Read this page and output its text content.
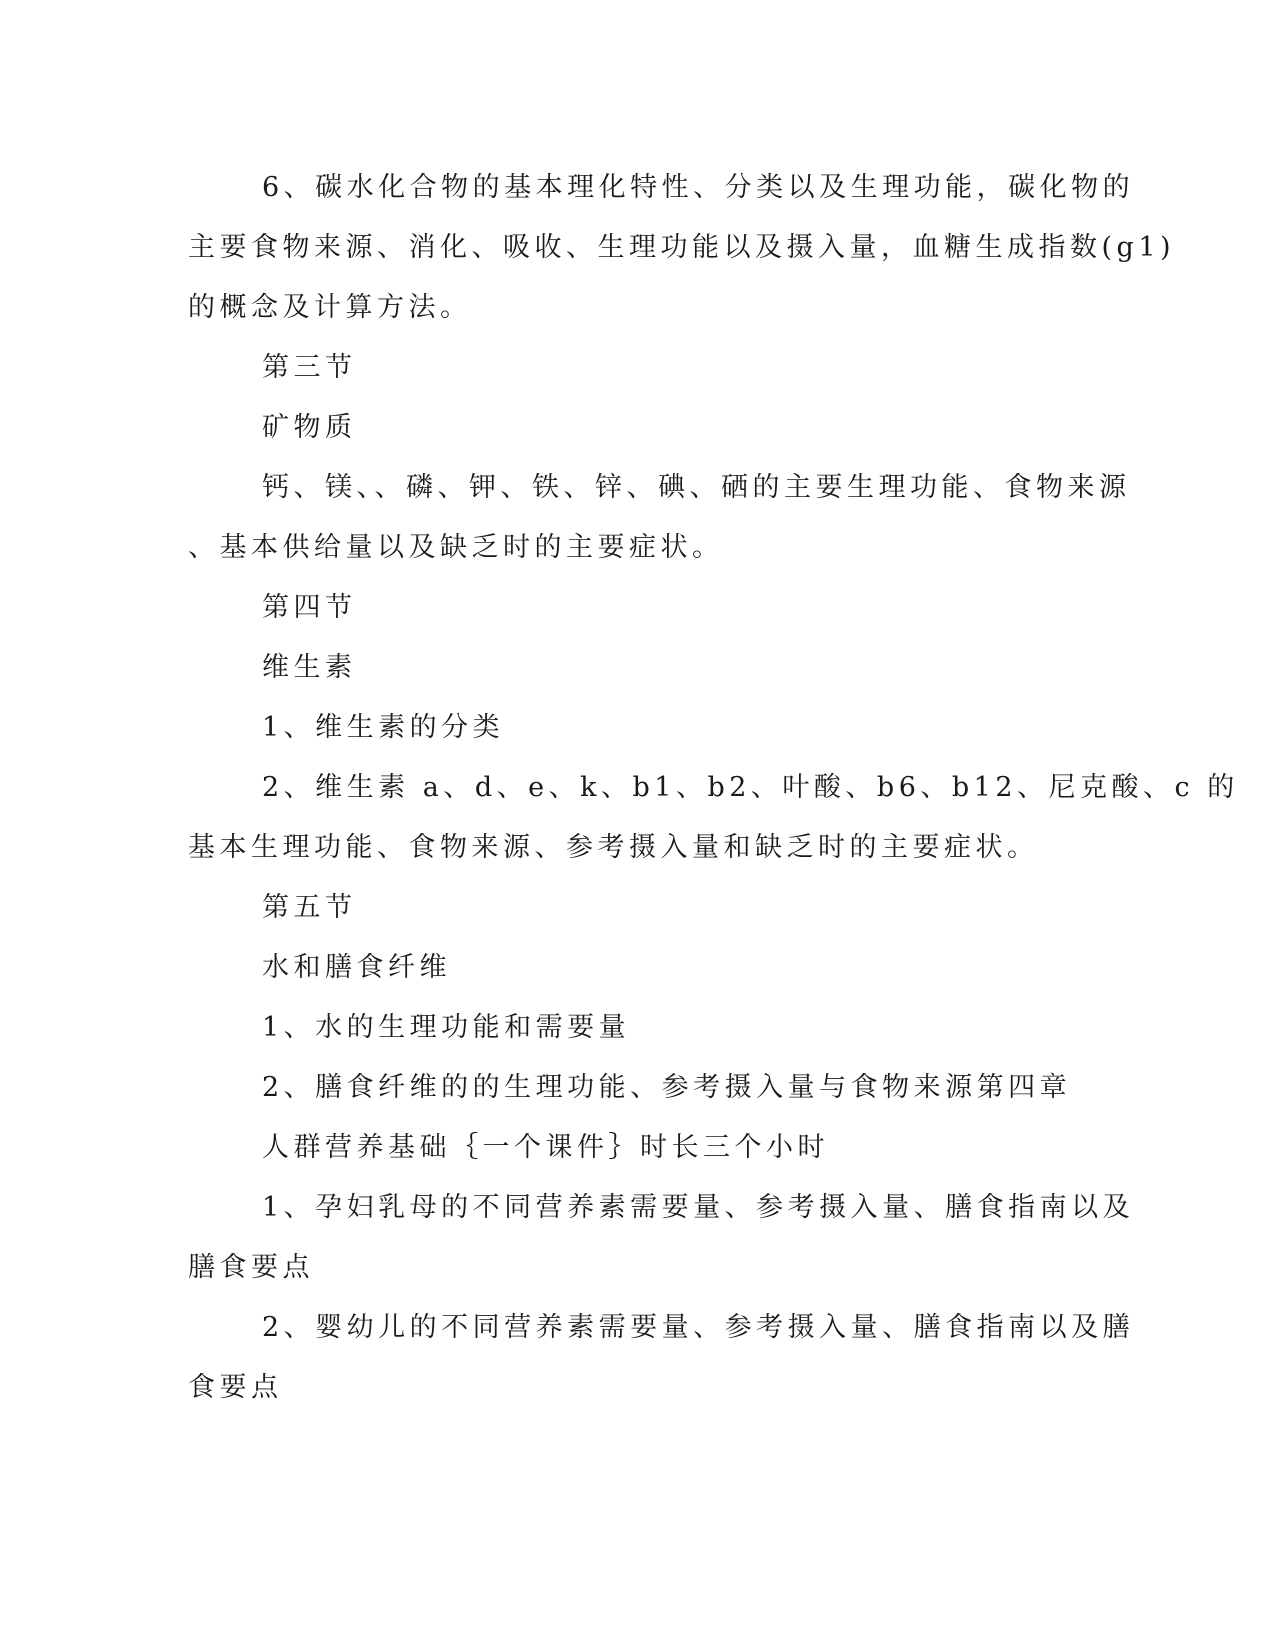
6、碳水化合物的基本理化特性、分类以及生理功能，碳化物的
主要食物来源、消化、吸收、生理功能以及摄入量，血糖生成指数(g1)
的概念及计算方法。
第三节
矿物质
钙、镁、、磷、钾、铁、锌、碘、硒的主要生理功能、食物来源
、基本供给量以及缺乏时的主要症状。
第四节
维生素
1、维生素的分类
2、维生素 a、d、e、k、b1、b2、叶酸、b6、b12、尼克酸、c 的
基本生理功能、食物来源、参考摄入量和缺乏时的主要症状。
第五节
水和膳食纤维
1、水的生理功能和需要量
2、膳食纤维的的生理功能、参考摄入量与食物来源第四章
人群营养基础｛一个课件｝时长三个小时
1、孕妇乳母的不同营养素需要量、参考摄入量、膳食指南以及
膳食要点
2、婴幼儿的不同营养素需要量、参考摄入量、膳食指南以及膳
食要点
